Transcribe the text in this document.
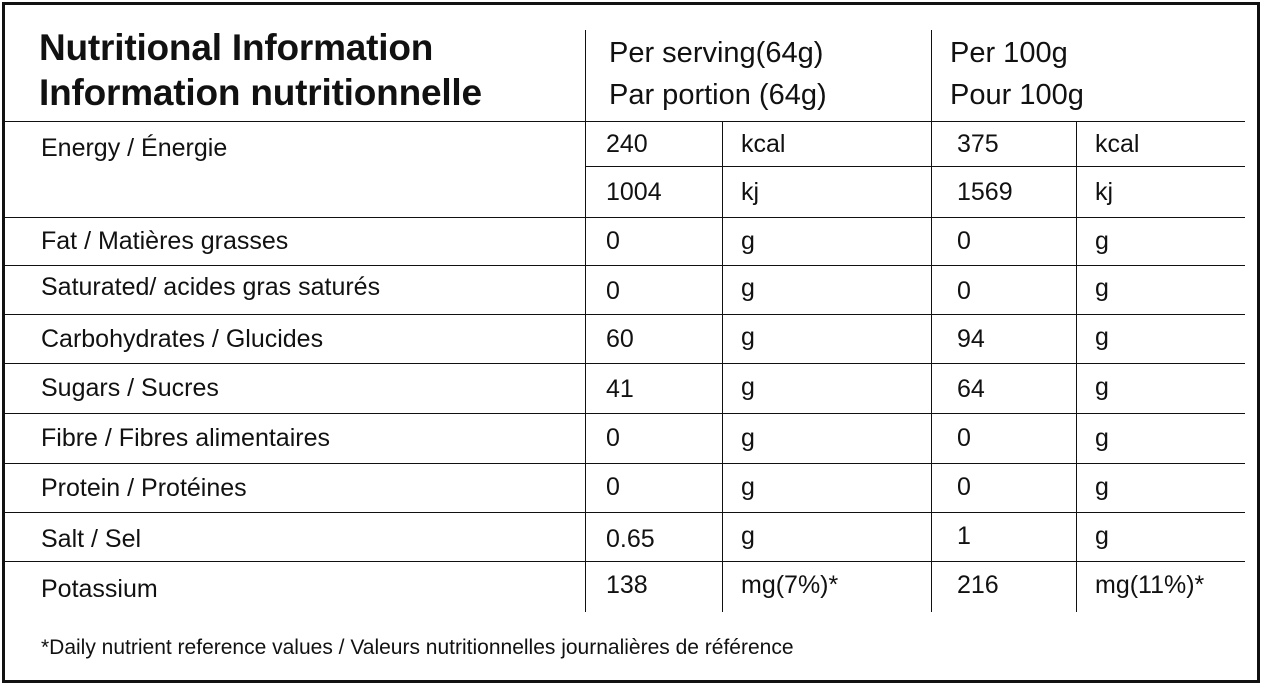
Nutritional Information
Information nutritionnelle
Per serving(64g)
Par portion (64g)
Per 100g
Pour 100g
Energy / Énergie	240	kcal	375	kcal
1004	kj	1569	kj
Fat / Matières grasses	0	g	0	g
Saturated/ acides gras saturés	0	g	0	g
Carbohydrates / Glucides	60	g	94	g
Sugars / Sucres	41	g	64	g
Fibre / Fibres alimentaires	0	g	0	g
Protein / Protéines	0	g	0	g
Salt / Sel	0.65	g	1	g
Potassium	138	mg(7%)*	216	mg(11%)*
*Daily nutrient reference values / Valeurs nutritionnelles journalières de référence
